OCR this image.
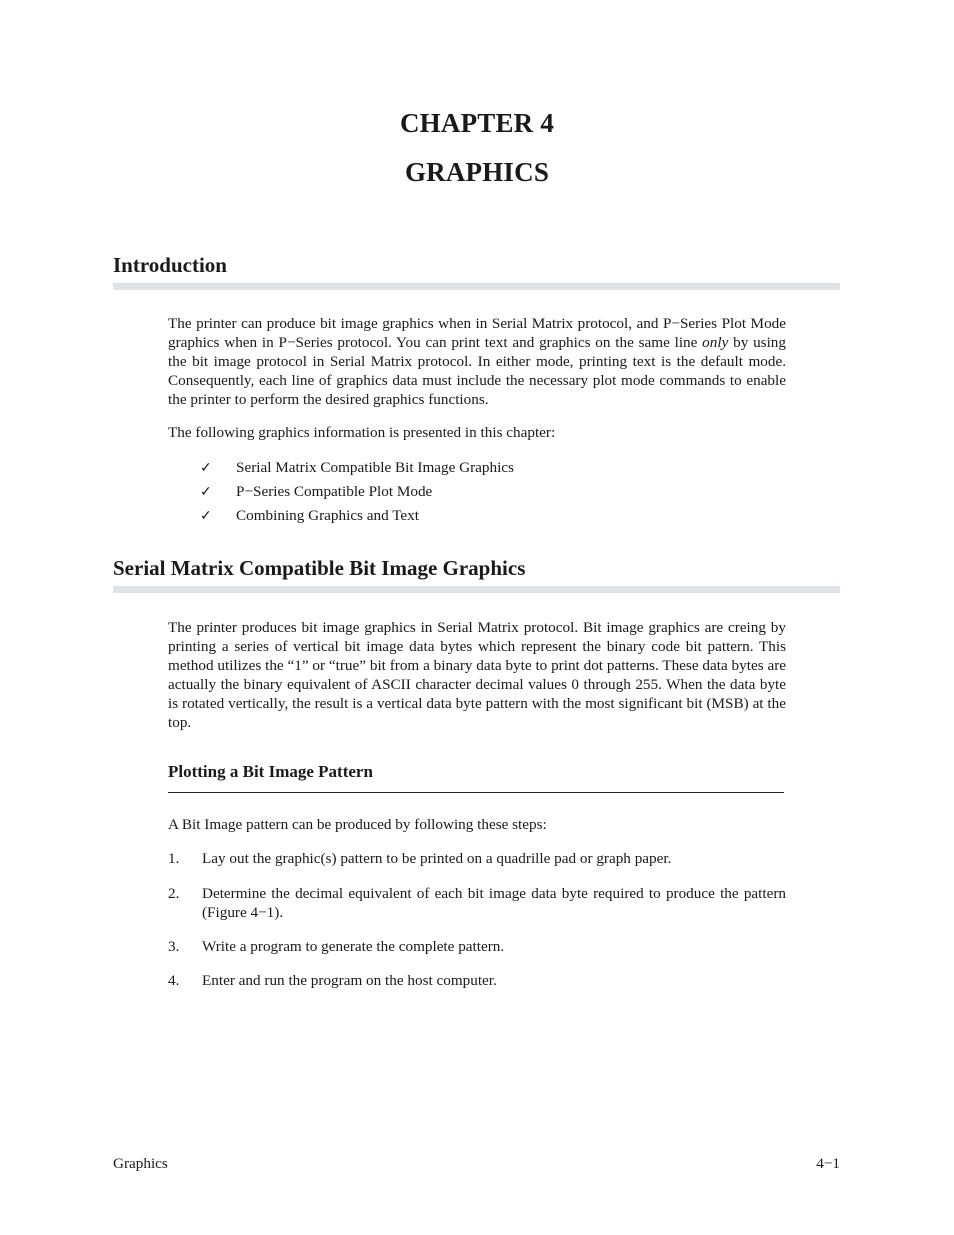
CHAPTER 4
GRAPHICS
Introduction

The printer can produce bit image graphics when in Serial Matrix protocol, and P−Series Plot Mode graphics when in P−Series protocol. You can print text and graphics on the same line only by using the bit image protocol in Serial Matrix protocol. In either mode, printing text is the default mode. Consequently, each line of graphics data must include the necessary plot mode commands to enable the printer to perform the desired graphics functions.

The following graphics information is presented in this chapter:

✓ Serial Matrix Compatible Bit Image Graphics
✓ P−Series Compatible Plot Mode
✓ Combining Graphics and Text
Serial Matrix Compatible Bit Image Graphics

The printer produces bit image graphics in Serial Matrix protocol. Bit image graphics are creing by printing a series of vertical bit image data bytes which represent the binary code bit pattern. This method utilizes the “1” or “true” bit from a binary data byte to print dot patterns. These data bytes are actually the binary equivalent of ASCII character decimal values 0 through 255. When the data byte is rotated vertically, the result is a vertical data byte pattern with the most significant bit (MSB) at the top.

Plotting a Bit Image Pattern

A Bit Image pattern can be produced by following these steps:

1. Lay out the graphic(s) pattern to be printed on a quadrille pad or graph paper.
2. Determine the decimal equivalent of each bit image data byte required to produce the pattern (Figure 4−1).
3. Write a program to generate the complete pattern.
4. Enter and run the program on the host computer.

Graphics	4−1
